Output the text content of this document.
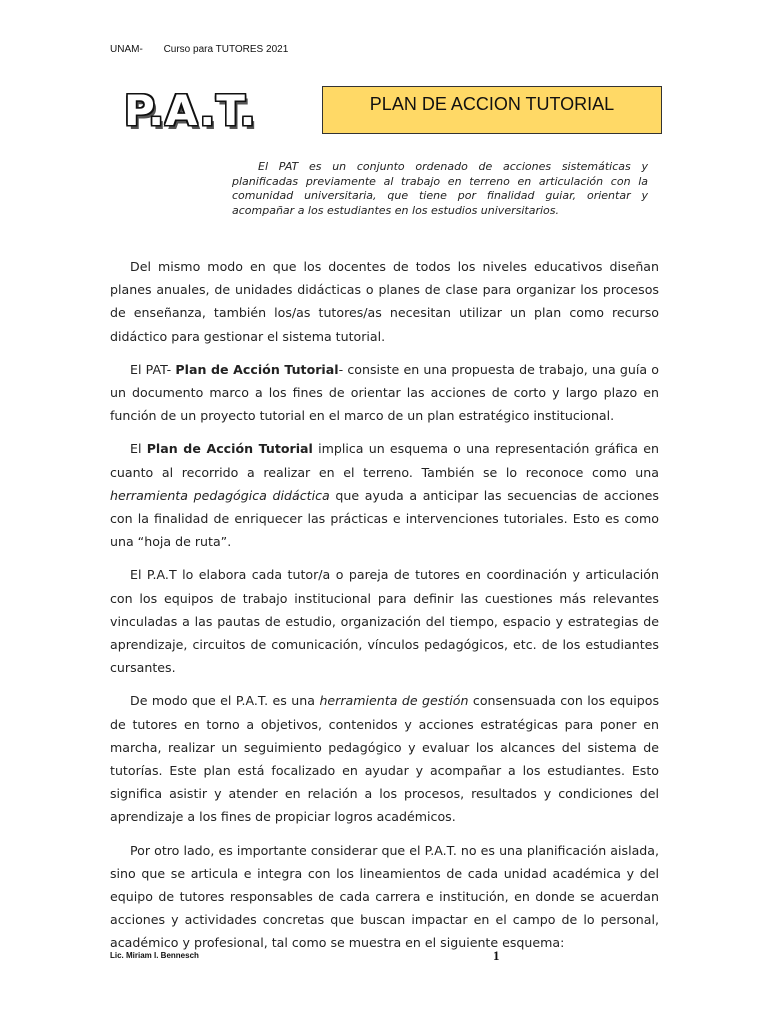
UNAM- Curso para TUTORES 2021
P.A.T.	PLAN DE ACCION TUTORIAL
El PAT es un conjunto ordenado de acciones sistemáticas y planificadas previamente al trabajo en terreno en articulación con la comunidad universitaria, que tiene por finalidad guiar, orientar y acompañar a los estudiantes en los estudios universitarios.

Del mismo modo en que los docentes de todos los niveles educativos diseñan planes anuales, de unidades didácticas o planes de clase para organizar los procesos de enseñanza, también los/as tutores/as necesitan utilizar un plan como recurso didáctico para gestionar el sistema tutorial.

El PAT- Plan de Acción Tutorial- consiste en una propuesta de trabajo, una guía o un documento marco a los fines de orientar las acciones de corto y largo plazo en función de un proyecto tutorial en el marco de un plan estratégico institucional.

El Plan de Acción Tutorial implica un esquema o una representación gráfica en cuanto al recorrido a realizar en el terreno. También se lo reconoce como una herramienta pedagógica didáctica que ayuda a anticipar las secuencias de acciones con la finalidad de enriquecer las prácticas e intervenciones tutoriales. Esto es como una “hoja de ruta”.

El P.A.T lo elabora cada tutor/a o pareja de tutores en coordinación y articulación con los equipos de trabajo institucional para definir las cuestiones más relevantes vinculadas a las pautas de estudio, organización del tiempo, espacio y estrategias de aprendizaje, circuitos de comunicación, vínculos pedagógicos, etc. de los estudiantes cursantes.

De modo que el P.A.T. es una herramienta de gestión consensuada con los equipos de tutores en torno a objetivos, contenidos y acciones estratégicas para poner en marcha, realizar un seguimiento pedagógico y evaluar los alcances del sistema de tutorías. Este plan está focalizado en ayudar y acompañar a los estudiantes. Esto significa asistir y atender en relación a los procesos, resultados y condiciones del aprendizaje a los fines de propiciar logros académicos.

Por otro lado, es importante considerar que el P.A.T. no es una planificación aislada, sino que se articula e integra con los lineamientos de cada unidad académica y del equipo de tutores responsables de cada carrera e institución, en donde se acuerdan acciones y actividades concretas que buscan impactar en el campo de lo personal, académico y profesional, tal como se muestra en el siguiente esquema:

Lic. Miriam I. Bennesch	1
